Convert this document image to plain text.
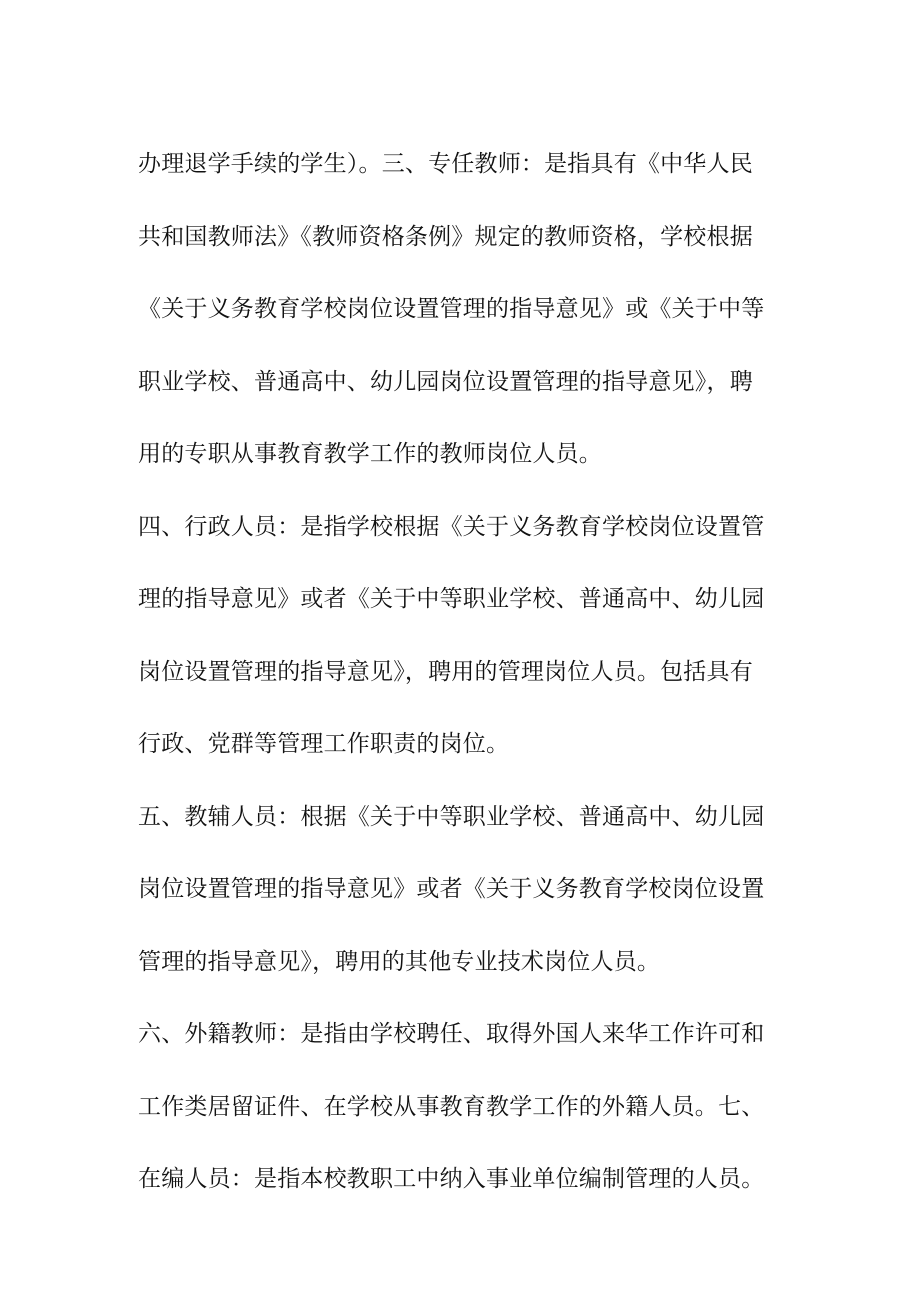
办理退学手续的学生）。三、专任教师：是指具有《中华人民
共和国教师法》《教师资格条例》规定的教师资格，学校根据
《关于义务教育学校岗位设置管理的指导意见》或《关于中等
职业学校、普通高中、幼儿园岗位设置管理的指导意见》，聘
用的专职从事教育教学工作的教师岗位人员。
四、行政人员：是指学校根据《关于义务教育学校岗位设置管
理的指导意见》或者《关于中等职业学校、普通高中、幼儿园
岗位设置管理的指导意见》，聘用的管理岗位人员。包括具有
行政、党群等管理工作职责的岗位。
五、教辅人员：根据《关于中等职业学校、普通高中、幼儿园
岗位设置管理的指导意见》或者《关于义务教育学校岗位设置
管理的指导意见》，聘用的其他专业技术岗位人员。
六、外籍教师：是指由学校聘任、取得外国人来华工作许可和
工作类居留证件、在学校从事教育教学工作的外籍人员。七、
在编人员：是指本校教职工中纳入事业单位编制管理的人员。
